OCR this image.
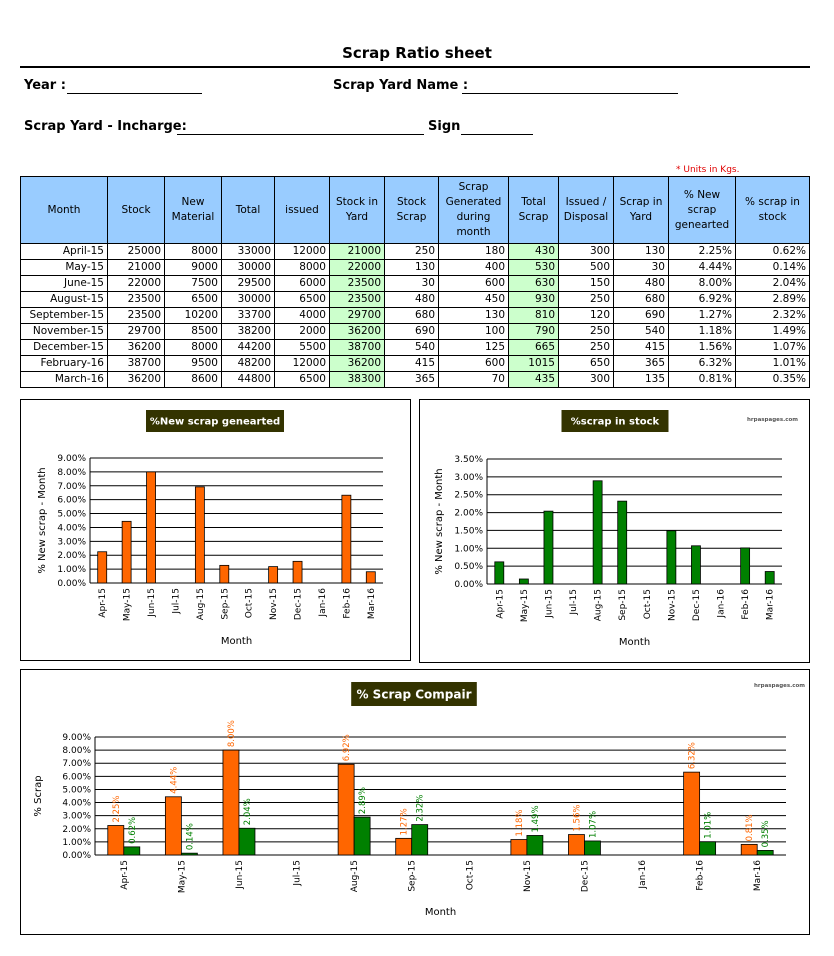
Scrap Ratio sheet
Year :	Scrap Yard Name :
Scrap Yard - Incharge:	Sign
* Units in Kgs.
Month	Stock	New Material	Total	issued	Stock in Yard	Stock Scrap	Scrap Generated during month	Total Scrap	Issued / Disposal	Scrap in Yard	% New scrap genearted	% scrap in stock
April-15	25000	8000	33000	12000	21000	250	180	430	300	130	2.25%	0.62%
May-15	21000	9000	30000	8000	22000	130	400	530	500	30	4.44%	0.14%
June-15	22000	7500	29500	6000	23500	30	600	630	150	480	8.00%	2.04%
August-15	23500	6500	30000	6500	23500	480	450	930	250	680	6.92%	2.89%
September-15	23500	10200	33700	4000	29700	680	130	810	120	690	1.27%	2.32%
November-15	29700	8500	38200	2000	36200	690	100	790	250	540	1.18%	1.49%
December-15	36200	8000	44200	5500	38700	540	125	665	250	415	1.56%	1.07%
February-16	38700	9500	48200	12000	36200	415	600	1015	650	365	6.32%	1.01%
March-16	36200	8600	44800	6500	38300	365	70	435	300	135	0.81%	0.35%
%New scrap genearted
0.00%
1.00%
2.00%
3.00%
4.00%
5.00%
6.00%
7.00%
8.00%
9.00%
Apr-15 May-15 Jun-15 Jul-15 Aug-15 Sep-15 Oct-15 Nov-15 Dec-15 Jan-16 Feb-16 Mar-16
Month
% New scrap - Month
%scrap in stock	hrpaspages.com
0.00%
0.50%
1.00%
1.50%
2.00%
2.50%
3.00%
3.50%
Apr-15 May-15 Jun-15 Jul-15 Aug-15 Sep-15 Oct-15 Nov-15 Dec-15 Jan-16 Feb-16 Mar-16
Month
% New scrap - Month
% Scrap Compair
hrpaspages.com
0.00%
1.00%
2.00%
3.00%
4.00%
5.00%
6.00%
7.00%
8.00%
9.00%
2.25%
0.62%
Apr-15
4.44%
0.14%
May-15
8.00%
2.04%
Jun-15	Jul-15
6.92%
2.89%
Aug-15
1.27%
2.32%
Sep-15	Oct-15
1.18% 1.49%
Nov-15
1.56% 1.07%
Dec-15	Jan-16
6.32%
1.01%
Feb-16
0.81% 0.35%
Mar-16
Month
% Scrap
